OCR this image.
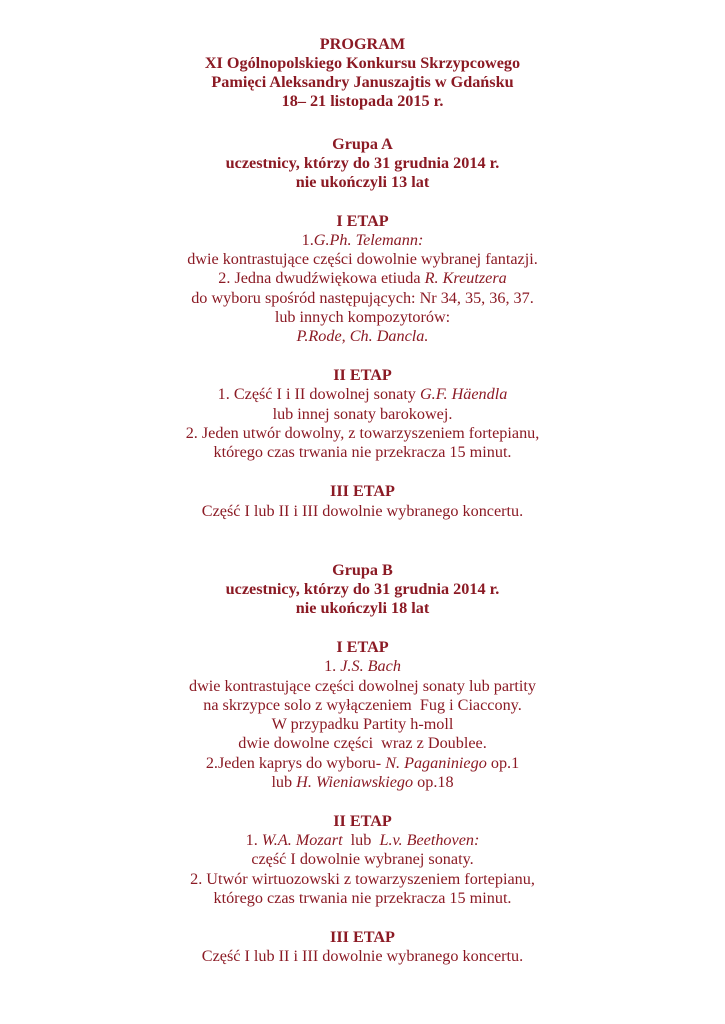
PROGRAM
XI Ogólnopolskiego Konkursu Skrzypcowego
Pamięci Aleksandry Januszajtis w Gdańsku
18– 21 listopada 2015 r.
Grupa A
uczestnicy, którzy do 31 grudnia 2014 r.
nie ukończyli 13 lat
I ETAP
1.G.Ph. Telemann:
dwie kontrastujące części dowolnie wybranej fantazji.
2. Jedna dwudźwiękowa etiuda R. Kreutzera
do wyboru spośród następujących: Nr 34, 35, 36, 37.
lub innych kompozytorów:
P.Rode, Ch. Dancla.
II ETAP
1. Część I i II dowolnej sonaty G.F. Häendla
lub innej sonaty barokowej.
2. Jeden utwór dowolny, z towarzyszeniem fortepianu,
którego czas trwania nie przekracza 15 minut.
III ETAP
Część I lub II i III dowolnie wybranego koncertu.
Grupa B
uczestnicy, którzy do 31 grudnia 2014 r.
nie ukończyli 18 lat
I ETAP
1. J.S. Bach
dwie kontrastujące części dowolnej sonaty lub partity
na skrzypce solo z wyłączeniem  Fug i Ciaccony.
W przypadku Partity h-moll
dwie dowolne części  wraz z Doublee.
2.Jeden kaprys do wyboru- N. Paganiniego op.1
lub H. Wieniawskiego op.18
II ETAP
1. W.A. Mozart  lub  L.v. Beethoven:
część I dowolnie wybranej sonaty.
2. Utwór wirtuozowski z towarzyszeniem fortepianu,
którego czas trwania nie przekracza 15 minut.
III ETAP
Część I lub II i III dowolnie wybranego koncertu.
